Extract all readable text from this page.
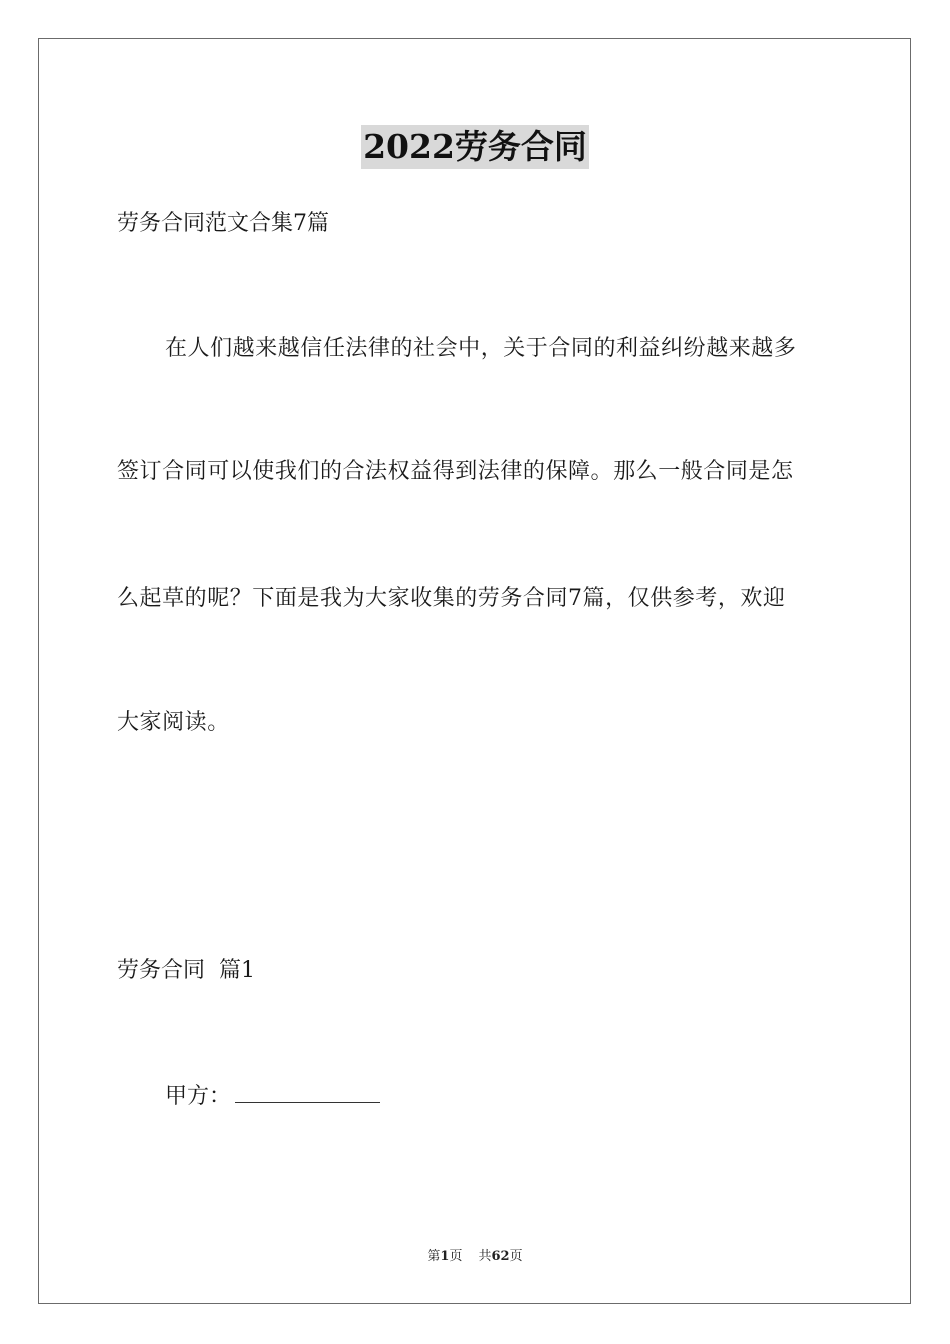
2022劳务合同
劳务合同范文合集7篇
在人们越来越信任法律的社会中，关于合同的利益纠纷越来越多
签订合同可以使我们的合法权益得到法律的保障。那么一般合同是怎
么起草的呢？下面是我为大家收集的劳务合同7篇，仅供参考，欢迎
大家阅读。
劳务合同  篇1
甲方：
第1页 共62页
